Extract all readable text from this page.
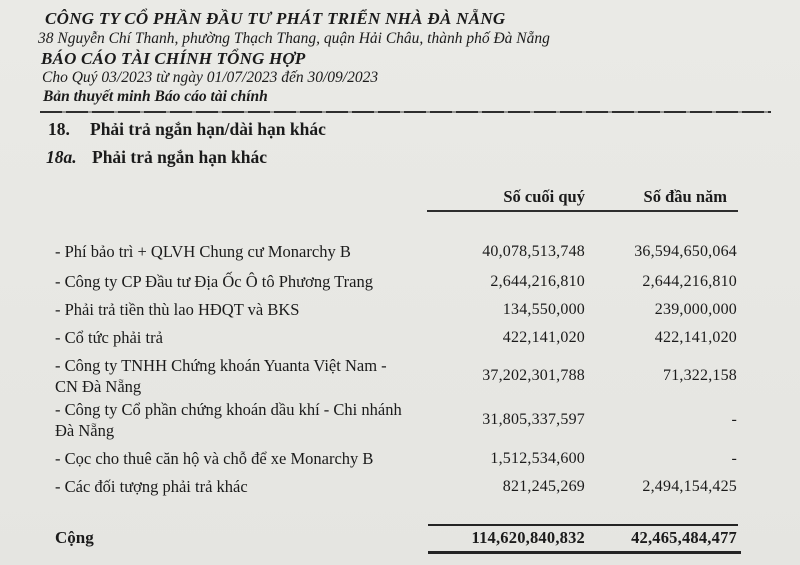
CÔNG TY CỔ PHẦN ĐẦU TƯ PHÁT TRIỂN NHÀ ĐÀ NẴNG
38 Nguyễn Chí Thanh, phường Thạch Thang, quận Hải Châu, thành phố Đà Nẵng
BÁO CÁO TÀI CHÍNH TỔNG HỢP
Cho Quý 03/2023 từ ngày 01/07/2023 đến 30/09/2023
Bản thuyết minh Báo cáo tài chính
18.	Phải trả ngắn hạn/dài hạn khác
18a. Phải trả ngắn hạn khác
Số cuối quý	Số đầu năm
- Phí bảo trì + QLVH Chung cư Monarchy B	40,078,513,748	36,594,650,064
- Công ty CP Đầu tư Địa Ốc Ô tô Phương Trang	2,644,216,810	2,644,216,810
- Phải trả tiền thù lao HĐQT và BKS	134,550,000	239,000,000
- Cổ tức phải trả	422,141,020	422,141,020
- Công ty TNHH Chứng khoán Yuanta Việt Nam - CN Đà Nẵng
37,202,301,788	71,322,158
- Công ty Cổ phần chứng khoán dầu khí - Chi nhánh Đà Nẵng
31,805,337,597	-
- Cọc cho thuê căn hộ và chỗ để xe Monarchy B	1,512,534,600	-
- Các đối tượng phải trả khác	821,245,269	2,494,154,425
Cộng	114,620,840,832	42,465,484,477
